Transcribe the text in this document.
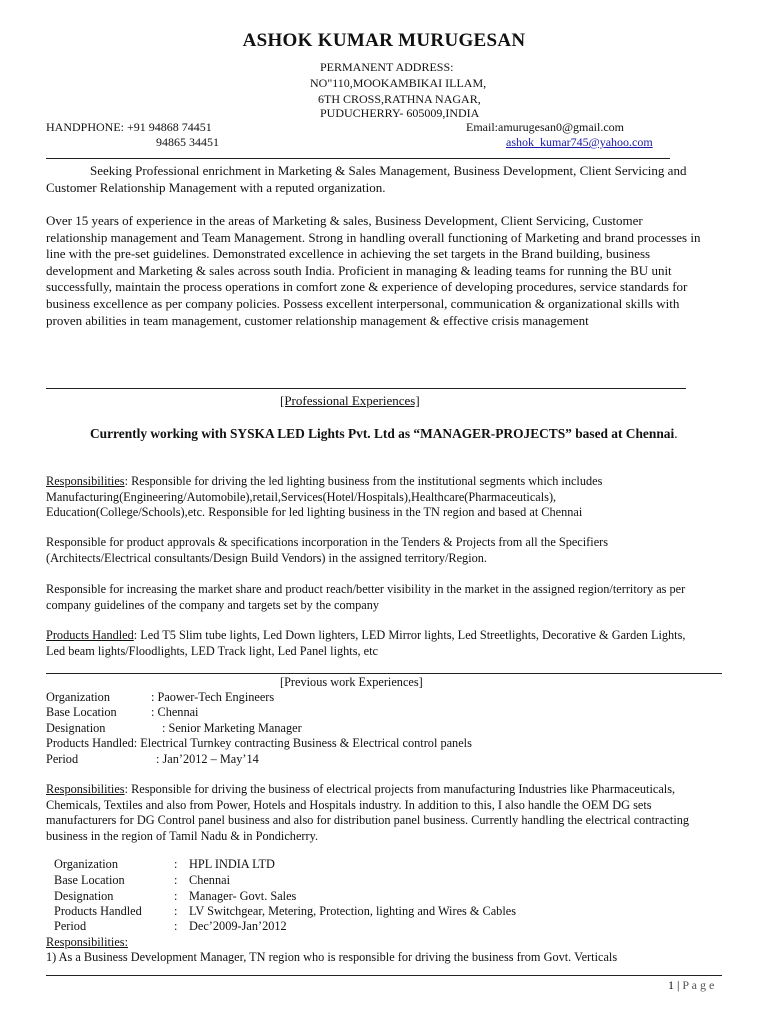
ASHOK KUMAR MURUGESAN
PERMANENT ADDRESS:
NO"110,MOOKAMBIKAI ILLAM,
6TH CROSS,RATHNA NAGAR,
PUDUCHERRY- 605009,INDIA
HANDPHONE: +91 94868 74451
94865 34451
Email:amurugesan0@gmail.com
ashok_kumar745@yahoo.com
Seeking Professional enrichment in Marketing & Sales Management, Business Development, Client Servicing and Customer Relationship Management with a reputed organization.
Over 15 years of experience in the areas of Marketing & sales, Business Development, Client Servicing, Customer relationship management and Team Management. Strong in handling overall functioning of Marketing and brand processes in line with the pre-set guidelines. Demonstrated excellence in achieving the set targets in the Brand building, business development and Marketing & sales across south India. Proficient in managing & leading teams for running the BU unit successfully, maintain the process operations in comfort zone & experience of developing procedures, service standards for business excellence as per company policies. Possess excellent interpersonal, communication & organizational skills with proven abilities in team management, customer relationship management & effective crisis management
[Professional Experiences]
Currently working with SYSKA LED Lights Pvt. Ltd as “MANAGER-PROJECTS” based at Chennai.
Responsibilities: Responsible for driving the led lighting business from the institutional segments which includes Manufacturing(Engineering/Automobile),retail,Services(Hotel/Hospitals),Healthcare(Pharmaceuticals), Education(College/Schools),etc. Responsible for led lighting business in the TN region and based at Chennai
Responsible for product approvals & specifications incorporation in the Tenders & Projects from all the Specifiers (Architects/Electrical consultants/Design Build Vendors) in the assigned territory/Region.
Responsible for increasing the market share and product reach/better visibility in the market in the assigned region/territory as per company guidelines of the company and targets set by the company
Products Handled: Led T5 Slim tube lights, Led Down lighters, LED Mirror lights, Led Streetlights, Decorative & Garden Lights, Led beam lights/Floodlights, LED Track light, Led Panel lights, etc
[Previous work Experiences]
Organization	: Paower-Tech Engineers
Base Location	: Chennai
Designation	: Senior Marketing Manager
Products Handled: Electrical Turnkey contracting Business & Electrical control panels
Period	: Jan’2012 – May’14
Responsibilities: Responsible for driving the business of electrical projects from manufacturing Industries like Pharmaceuticals, Chemicals, Textiles and also from Power, Hotels and Hospitals industry. In addition to this, I also handle the OEM DG sets manufacturers for DG Control panel business and also for distribution panel business. Currently handling the electrical contracting business in the region of Tamil Nadu & in Pondicherry.
Organization	: HPL INDIA LTD
Base Location	: Chennai
Designation	: Manager- Govt. Sales
Products Handled	: LV Switchgear, Metering, Protection, lighting and Wires & Cables
Period	: Dec’2009-Jan’2012
Responsibilities:
1) As a Business Development Manager, TN region who is responsible for driving the business from Govt. Verticals
1 | P a g e
